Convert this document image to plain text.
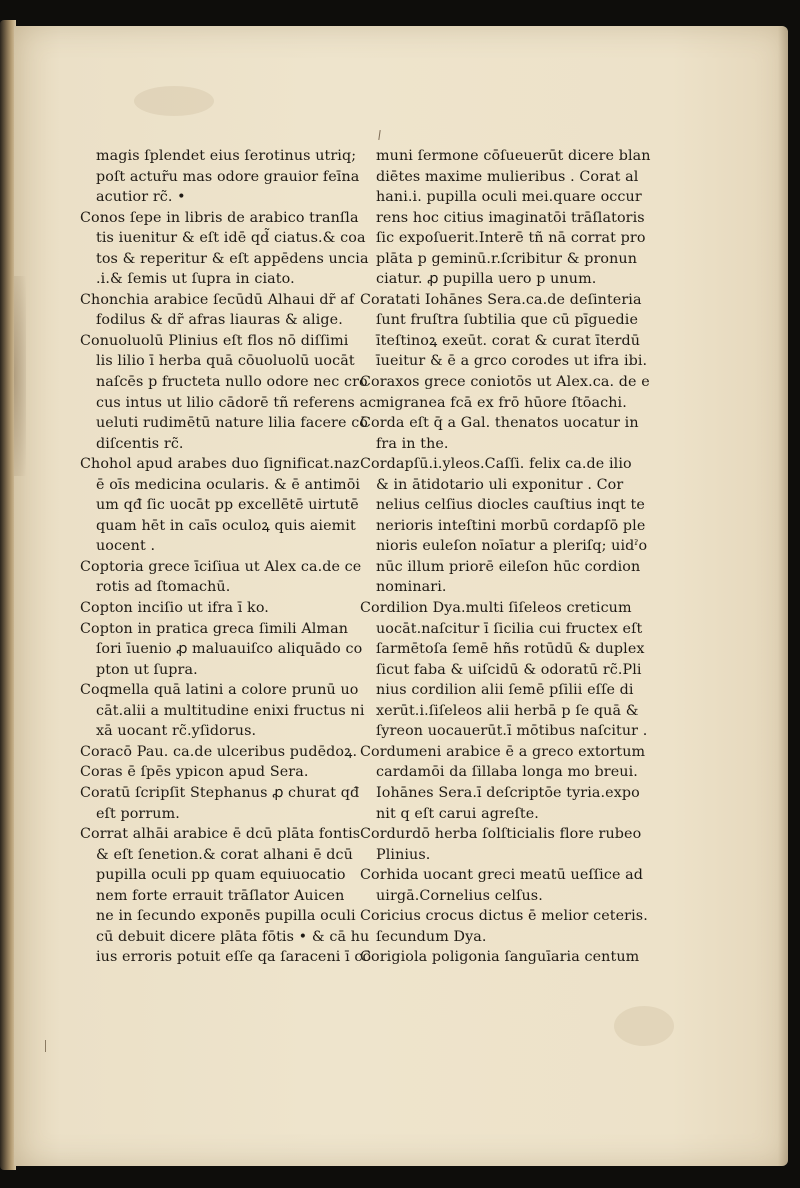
magis ſplendet eius ſerotinus utriq;
poſt actur̃u mas odore grauior feīna
acutior rc̃. •
Conos ſepe in libris de arabico tranſla
tis iuenitur & eſt idē qd̃ ciatus.& coa
tos & reperitur & eſt appēdens uncia
.i.& ſemis ut ſupra in ciato.
Chonchia arabice ſecūdū Alhaui dr̃ af
fodilus & dr̃ afras liauras & alige.
Conuoluolū Plinius eſt flos nō diſſimi
lis lilio ī herba quā cōuoluolū uocāt
naſcēs p fructeta nullo odore nec cro
cus intus ut lilio cādorē tñ referens ac
ueluti rudimētū nature lilia facere cō
diſcentis rc̃.
Chohol apud arabes duo ſignificat.naz
ē oīs medicina ocularis. & ē antimōi
um qđ ſic uocāt pp excellētē uirtutē
quam hēt in caīs oculoꝝ quis aiemit
uocent .
Coptoria grece īciſiua ut Alex ca.de ce
rotis ad ſtomachū.
Copton inciſio ut ifra ī ko.
Copton in pratica greca ſimili Alman
ſori īuenio ꝓ maluauiſco aliquādo co
pton ut ſupra.
Coqmella quā latini a colore prunū uo
cāt.alii a multitudine enixi fructus ni
xā uocant rc̃.yſidorus.
Coracō Pau. ca.de ulceribus pudēdoꝝ.
Coras ē ſpēs ypicon apud Sera.
Coratū ſcripſit Stephanus ꝓ churat qđ
eſt porrum.
Corrat alhāi arabice ē dcū plāta fontis
& eſt ſenetion.& corat alhani ē dcū
pupilla oculi pp quam equiuocatio
nem forte errauit trāſlator Auicen
ne in ſecundo exponēs pupilla oculi
cū debuit dicere plāta fōtis • & cā hu
ius erroris potuit eſſe qa ſaraceni ī cō
muni ſermone cōſueuerūt dicere blan
diētes maxime mulieribus . Corat al
hani.i. pupilla oculi mei.quare occur
rens hoc citius imaginatōi trāſlatoris
ſic expoſuerit.Interē tñ nā corrat pro
plāta p geminū.r.ſcribitur & pronun
ciatur. ꝓ pupilla uero p unum.
Coratati Iohānes Sera.ca.de deſinteria
ſunt fruſtra ſubtilia que cū pīguedie
īteſtinoꝝ exeūt. corat & curat īterdū
īueitur & ē a grco corodes ut ifra ibi.
Coraxos grece coniotōs ut Alex.ca. de e
migranea fcā ex frō hūore ſtōachi.
Corda eſt q̄ a Gal. thenatos uocatur in
fra in the.
Cordapſū.i.yleos.Caſſi. felix ca.de ilio
& in ātidotario uli exponitur . Cor
nelius celſius diocles cauſtius inqt te
nerioris inteſtini morbū cordapſō ple
nioris euleſon noīatur a pleriſq; uidˀo
nūc illum priorē eileſon hūc cordion
nominari.
Cordilion Dya.multi ſiſeleos creticum
uocāt.naſcitur ī ſicilia cui fructex eſt
ſarmētoſa ſemē hñs rotūdū & duplex
ſicut faba & uiſcidū & odoratū rc̃.Pli
nius cordilion alii ſemē pſilii eſſe di
xerūt.i.ſiſeleos alii herbā p ſe quā &
ſyreon uocauerūt.ī mōtibus naſcitur .
Cordumeni arabice ē a greco extortum
cardamōi da ſillaba longa mo breui.
Iohānes Sera.ī deſcriptōe tyria.expo
nit q eſt carui agreſte.
Cordurdō herba ſolſticialis flore rubeo
Plinius.
Corhida uocant greci meatū ueſſice ad
uirgā.Cornelius celſus.
Coricius crocus dictus ē melior ceteris.
ſecundum Dya.
Corigiola poligonia ſanguīaria centum
